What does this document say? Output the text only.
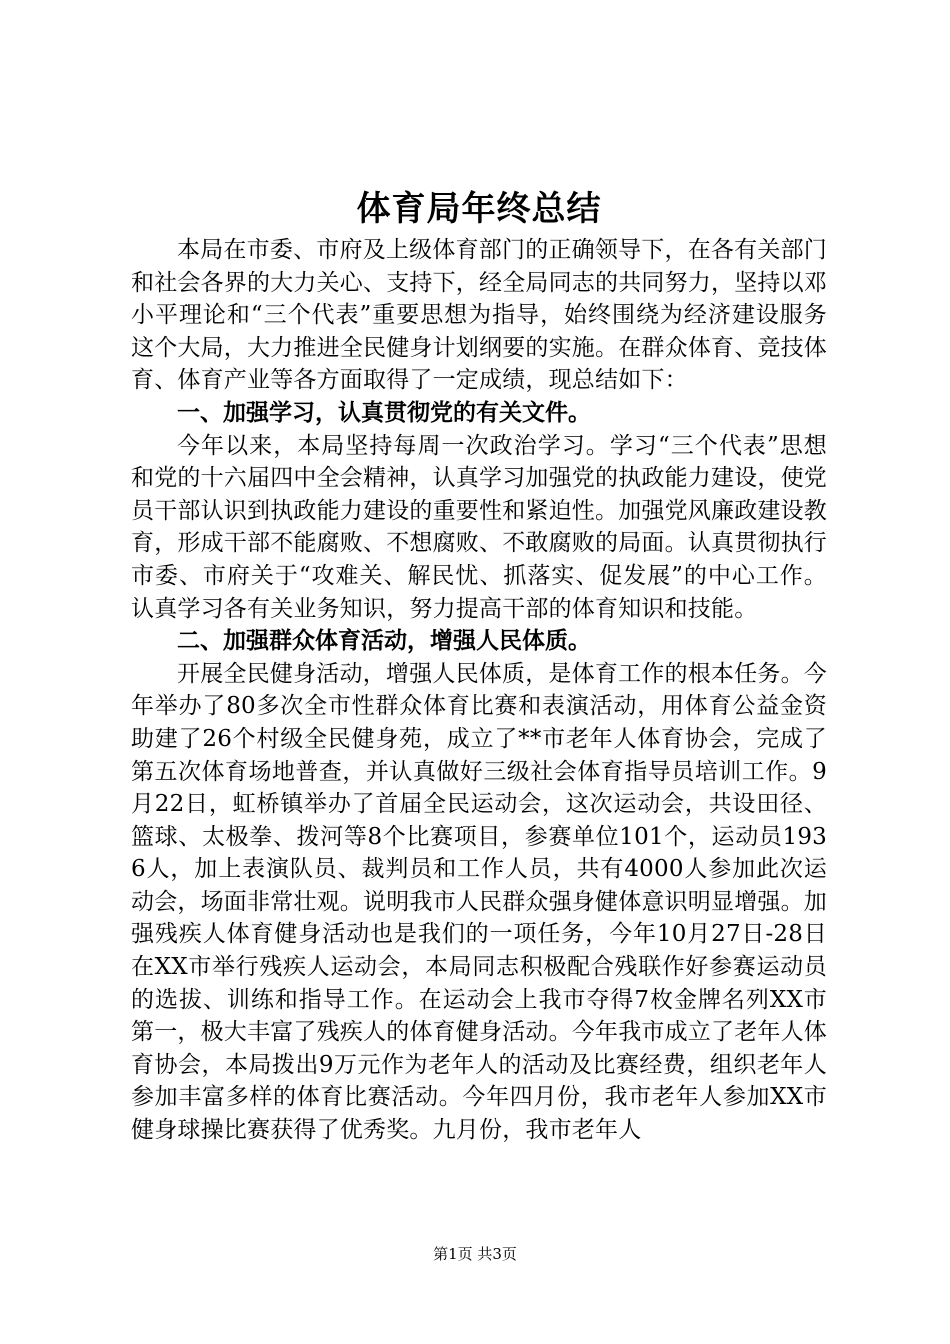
体育局年终总结

本局在市委、市府及上级体育部门的正确领导下，在各有关部门和社会各界的大力关心、支持下，经全局同志的共同努力，坚持以邓小平理论和“三个代表”重要思想为指导，始终围绕为经济建设服务这个大局，大力推进全民健身计划纲要的实施。在群众体育、竞技体育、体育产业等各方面取得了一定成绩，现总结如下：

一、加强学习，认真贯彻党的有关文件。

今年以来，本局坚持每周一次政治学习。学习“三个代表”思想和党的十六届四中全会精神，认真学习加强党的执政能力建设，使党员干部认识到执政能力建设的重要性和紧迫性。加强党风廉政建设教育，形成干部不能腐败、不想腐败、不敢腐败的局面。认真贯彻执行市委、市府关于“攻难关、解民忧、抓落实、促发展”的中心工作。认真学习各有关业务知识，努力提高干部的体育知识和技能。

二、加强群众体育活动，增强人民体质。

开展全民健身活动，增强人民体质，是体育工作的根本任务。今年举办了80多次全市性群众体育比赛和表演活动，用体育公益金资助建了26个村级全民健身苑，成立了**市老年人体育协会，完成了第五次体育场地普查，并认真做好三级社会体育指导员培训工作。9月22日，虹桥镇举办了首届全民运动会，这次运动会，共设田径、篮球、太极拳、拨河等8个比赛项目，参赛单位101个，运动员1936人，加上表演队员、裁判员和工作人员，共有4000人参加此次运动会，场面非常壮观。说明我市人民群众强身健体意识明显增强。加强残疾人体育健身活动也是我们的一项任务，今年10月27日-28日在XX市举行残疾人运动会，本局同志积极配合残联作好参赛运动员的选拔、训练和指导工作。在运动会上我市夺得7枚金牌名列XX市第一，极大丰富了残疾人的体育健身活动。今年我市成立了老年人体育协会，本局拨出9万元作为老年人的活动及比赛经费，组织老年人参加丰富多样的体育比赛活动。今年四月份，我市老年人参加XX市健身球操比赛获得了优秀奖。九月份，我市老年人

第1页 共3页
